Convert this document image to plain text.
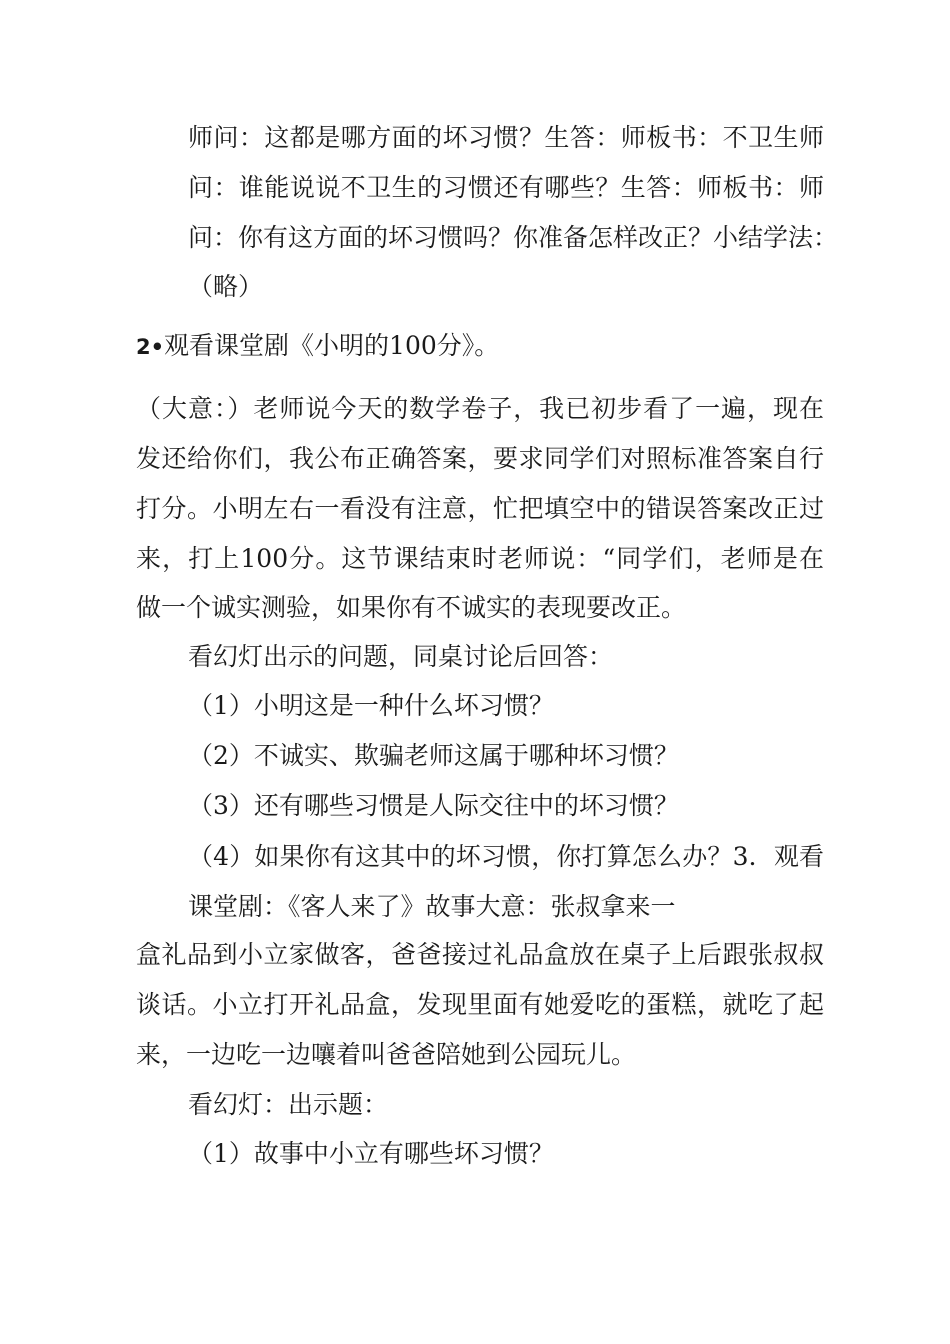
师问：这都是哪方面的坏习惯？生答：师板书：不卫生师

问：谁能说说不卫生的习惯还有哪些？生答：师板书：师

问：你有这方面的坏习惯吗？你准备怎样改正？小结学法：

（略）

2•观看课堂剧《小明的100分》。

（大意：）老师说今天的数学卷子，我已初步看了一遍，现在

发还给你们，我公布正确答案，要求同学们对照标准答案自行

打分。小明左右一看没有注意，忙把填空中的错误答案改正过

来，打上100分。这节课结束时老师说：“同学们，老师是在

做一个诚实测验，如果你有不诚实的表现要改正。

看幻灯出示的问题，同桌讨论后回答：

（1）小明这是一种什么坏习惯？

（2）不诚实、欺骗老师这属于哪种坏习惯？

（3）还有哪些习惯是人际交往中的坏习惯？

（4）如果你有这其中的坏习惯，你打算怎么办？3．观看

课堂剧：《客人来了》故事大意：张叔拿来一

盒礼品到小立家做客，爸爸接过礼品盒放在桌子上后跟张叔叔

谈话。小立打开礼品盒，发现里面有她爱吃的蛋糕，就吃了起

来，一边吃一边嚷着叫爸爸陪她到公园玩儿。

看幻灯：出示题：

（1）故事中小立有哪些坏习惯？
